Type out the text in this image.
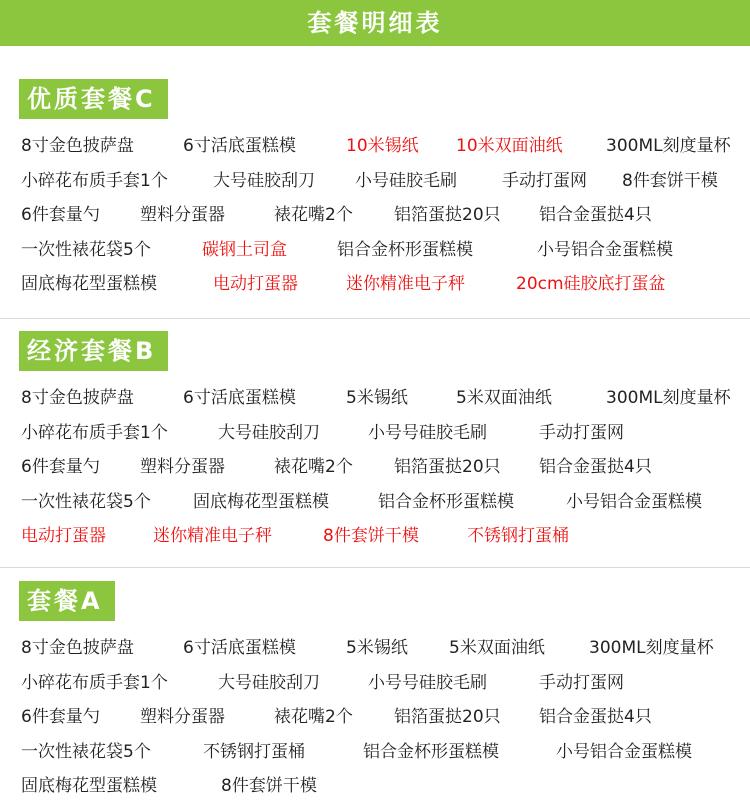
套餐明细表
优质套餐C
8寸金色披萨盘	6寸活底蛋糕模	10米锡纸 10米双面油纸	300ML刻度量杯
小碎花布质手套1个	大号硅胶刮刀 小号硅胶毛刷	手动打蛋网 8件套饼干模
6件套量勺 塑料分蛋器	裱花嘴2个 铝箔蛋挞20只 铝合金蛋挞4只
一次性裱花袋5个	碳钢土司盒	铝合金杯形蛋糕模	小号铝合金蛋糕模
固底梅花型蛋糕模	电动打蛋器	迷你精准电子秤	20cm硅胶底打蛋盆
经济套餐B
8寸金色披萨盘	6寸活底蛋糕模	5米锡纸	5米双面油纸	300ML刻度量杯
小碎花布质手套1个	大号硅胶刮刀	小号号硅胶毛刷	手动打蛋网
6件套量勺 塑料分蛋器	裱花嘴2个 铝箔蛋挞20只 铝合金蛋挞4只
一次性裱花袋5个 固底梅花型蛋糕模	铝合金杯形蛋糕模	小号铝合金蛋糕模
电动打蛋器	迷你精准电子秤	8件套饼干模	不锈钢打蛋桶
套餐A
8寸金色披萨盘	6寸活底蛋糕模	5米锡纸 5米双面油纸	300ML刻度量杯
小碎花布质手套1个	大号硅胶刮刀	小号号硅胶毛刷	手动打蛋网
6件套量勺 塑料分蛋器	裱花嘴2个 铝箔蛋挞20只 铝合金蛋挞4只
一次性裱花袋5个	不锈钢打蛋桶	铝合金杯形蛋糕模	小号铝合金蛋糕模
固底梅花型蛋糕模	8件套饼干模
